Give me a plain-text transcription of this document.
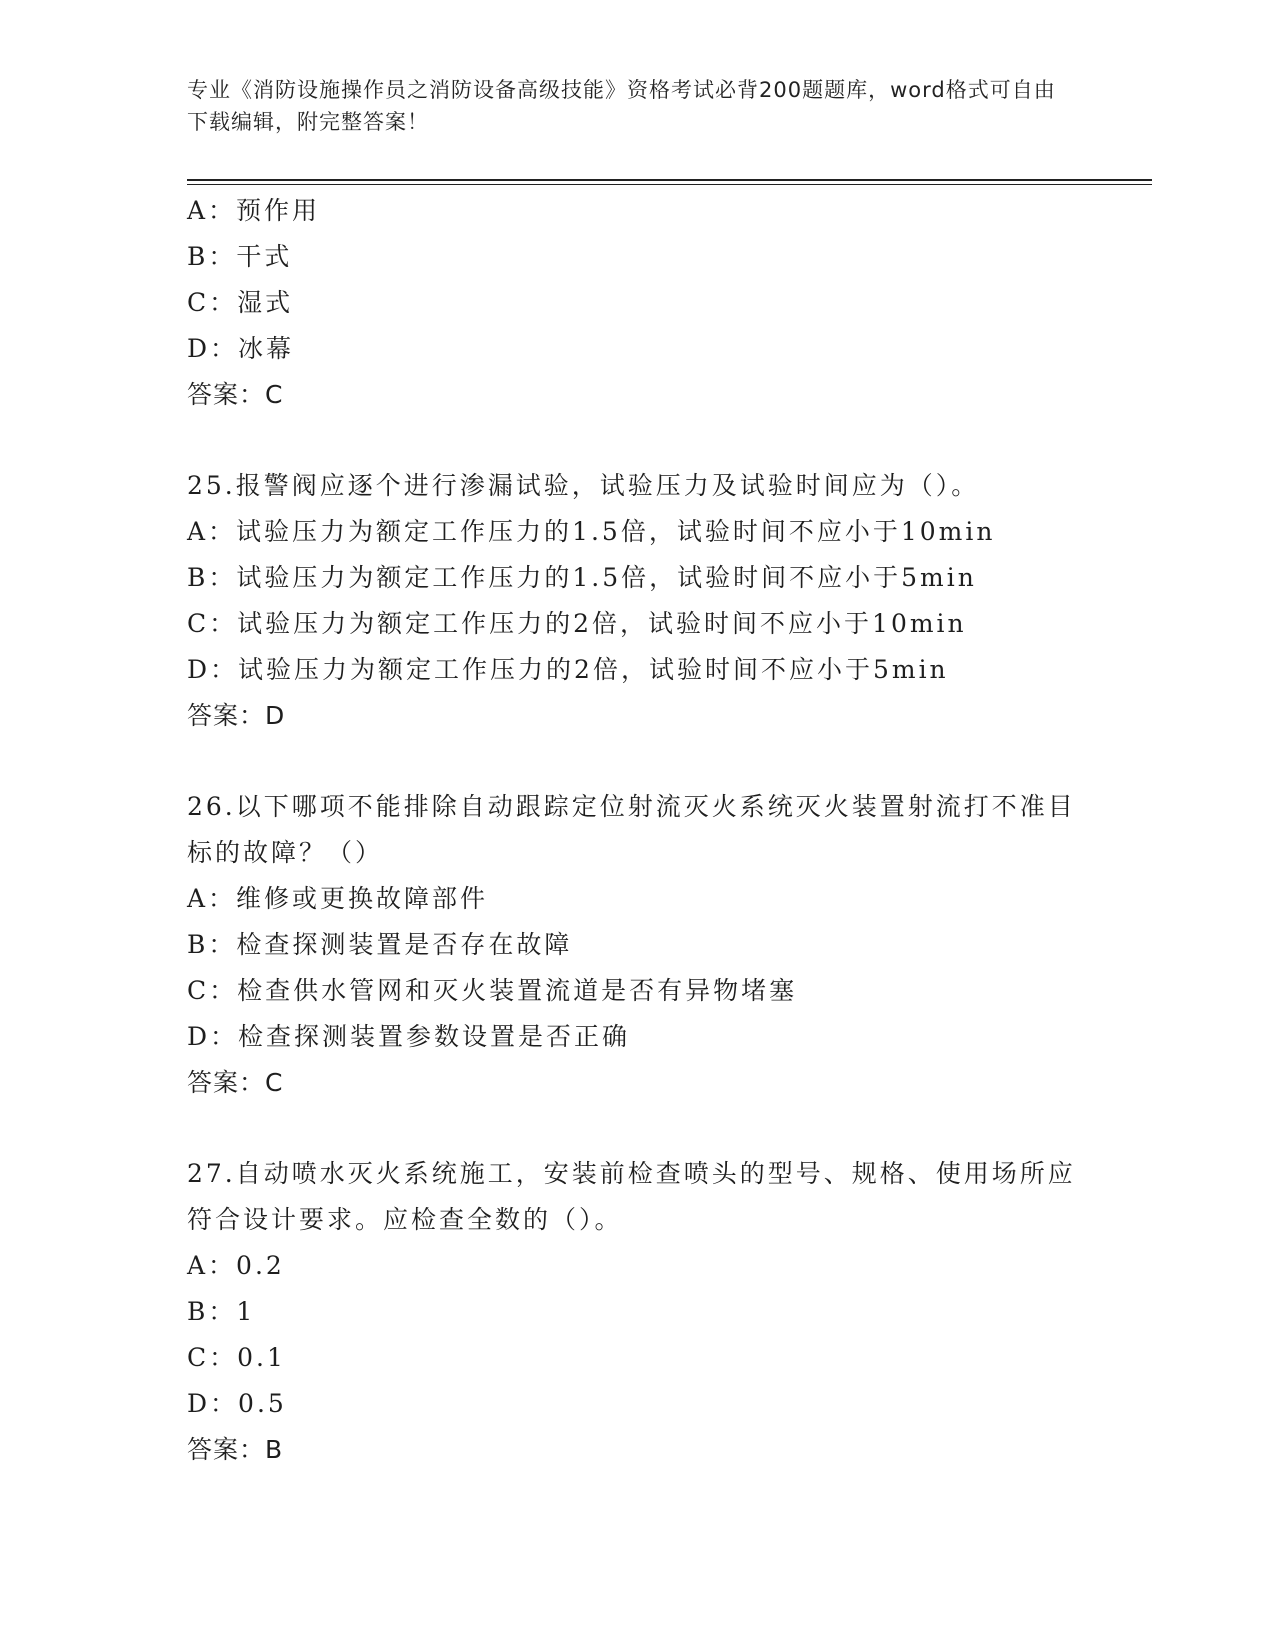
专业《消防设施操作员之消防设备高级技能》资格考试必背200题题库，word格式可自由下载编辑，附完整答案！
A：预作用
B：干式
C：湿式
D：冰幕
答案：C
25.报警阀应逐个进行渗漏试验，试验压力及试验时间应为（）。
A：试验压力为额定工作压力的1.5倍，试验时间不应小于10min
B：试验压力为额定工作压力的1.5倍，试验时间不应小于5min
C：试验压力为额定工作压力的2倍，试验时间不应小于10min
D：试验压力为额定工作压力的2倍，试验时间不应小于5min
答案：D
26.以下哪项不能排除自动跟踪定位射流灭火系统灭火装置射流打不准目标的故障？（）
A：维修或更换故障部件
B：检查探测装置是否存在故障
C：检查供水管网和灭火装置流道是否有异物堵塞
D：检查探测装置参数设置是否正确
答案：C
27.自动喷水灭火系统施工，安装前检查喷头的型号、规格、使用场所应符合设计要求。应检查全数的（）。
A：0.2
B：1
C：0.1
D：0.5
答案：B
